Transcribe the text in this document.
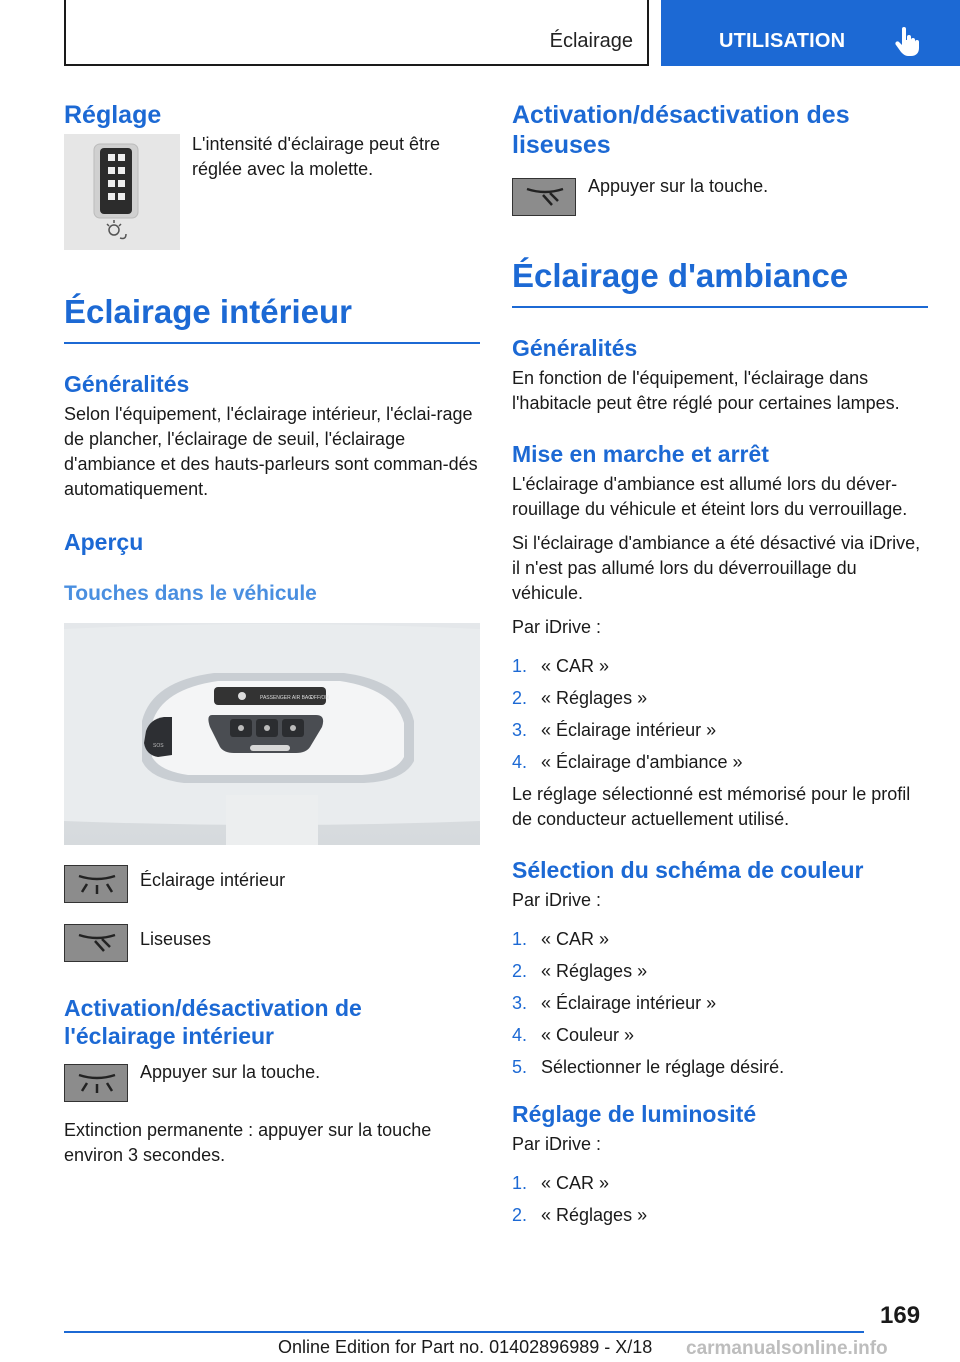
Éclairage	UTILISATION
Réglage
L'intensité d'éclairage peut être réglée avec la molette.
Éclairage intérieur
Généralités
Selon l'équipement, l'éclairage intérieur, l'éclai-rage de plancher, l'éclairage de seuil, l'éclairage d'ambiance et des hauts-parleurs sont comman-dés automatiquement.
Aperçu
Touches dans le véhicule
PASSENGER AIR BAG
OFF/ON
SOS
Éclairage intérieur
Liseuses
Activation/désactivation de l'éclairage intérieur
Appuyer sur la touche.
Extinction permanente : appuyer sur la touche environ 3 secondes.
Activation/désactivation des liseuses
Appuyer sur la touche.
Éclairage d'ambiance
Généralités
En fonction de l'équipement, l'éclairage dans l'habitacle peut être réglé pour certaines lampes.
Mise en marche et arrêt
L'éclairage d'ambiance est allumé lors du déver-rouillage du véhicule et éteint lors du verrouillage.
Si l'éclairage d'ambiance a été désactivé via iDrive, il n'est pas allumé lors du déverrouillage du véhicule.
Par iDrive :
1. « CAR »
2. « Réglages »
3. « Éclairage intérieur »
4. « Éclairage d'ambiance »
Le réglage sélectionné est mémorisé pour le profil de conducteur actuellement utilisé.
Sélection du schéma de couleur
Par iDrive :
1. « CAR »
2. « Réglages »
3. « Éclairage intérieur »
4. « Couleur »
5. Sélectionner le réglage désiré.
Réglage de luminosité
Par iDrive :
1. « CAR »
2. « Réglages »
169
Online Edition for Part no. 01402896989 - X/18 carmanualsonline.info
